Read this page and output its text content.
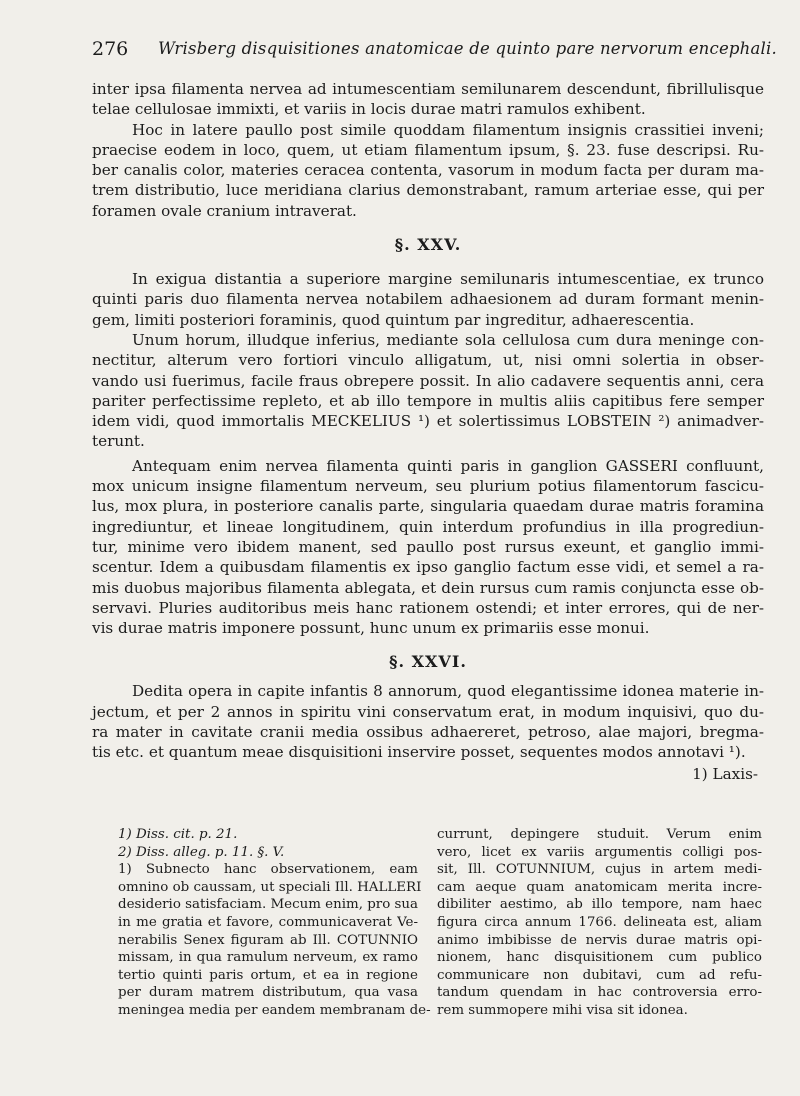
276 Wrisberg disquisitiones anatomicae de quinto pare nervorum encephali.
inter ipsa filamenta nervea ad intumescentiam semilunarem descendunt, fibrillulisque
telae cellulosae immixti, et variis in locis durae matri ramulos exhibent.
Hoc in latere paullo post simile quoddam filamentum insignis crassitiei inveni;
praecise eodem in loco, quem, ut etiam filamentum ipsum, §. 23. fuse descripsi. Ru-
ber canalis color, materies ceracea contenta, vasorum in modum facta per duram ma-
trem distributio, luce meridiana clarius demonstrabant, ramum arteriae esse, qui per
foramen ovale cranium intraverat.
§. XXV.
In exigua distantia a superiore margine semilunaris intumescentiae, ex trunco
quinti paris duo filamenta nervea notabilem adhaesionem ad duram formant menin-
gem, limiti posteriori foraminis, quod quintum par ingreditur, adhaerescentia.
Unum horum, illudque inferius, mediante sola cellulosa cum dura meninge con-
nectitur, alterum vero fortiori vinculo alligatum, ut, nisi omni solertia in obser-
vando usi fuerimus, facile fraus obrepere possit. In alio cadavere sequentis anni, cera
pariter perfectissime repleto, et ab illo tempore in multis aliis capitibus fere semper
idem vidi, quod immortalis MECKELIUS ¹) et solertissimus LOBSTEIN ²) animadver-
terunt.
Antequam enim nervea filamenta quinti paris in ganglion GASSERI confluunt,
mox unicum insigne filamentum nerveum, seu plurium potius filamentorum fascicu-
lus, mox plura, in posteriore canalis parte, singularia quaedam durae matris foramina
ingrediuntur, et lineae longitudinem, quin interdum profundius in illa progrediun-
tur, minime vero ibidem manent, sed paullo post rursus exeunt, et ganglio immi-
scentur. Idem a quibusdam filamentis ex ipso ganglio factum esse vidi, et semel a ra-
mis duobus majoribus filamenta ablegata, et dein rursus cum ramis conjuncta esse ob-
servavi. Pluries auditoribus meis hanc rationem ostendi; et inter errores, qui de ner-
vis durae matris imponere possunt, hunc unum ex primariis esse monui.
§. XXVI.
Dedita opera in capite infantis 8 annorum, quod elegantissime idonea materie in-
jectum, et per 2 annos in spiritu vini conservatum erat, in modum inquisivi, quo du-
ra mater in cavitate cranii media ossibus adhaereret, petroso, alae majori, bregma-
tis etc. et quantum meae disquisitioni inservire posset, sequentes modos annotavi ¹).
1) Laxis-
1) Diss. cit. p. 21.
2) Diss. alleg. p. 11. §. V.
1) Subnecto hanc observationem, eam
omnino ob caussam, ut speciali Ill. HALLERI
desiderio satisfaciam. Mecum enim, pro sua
in me gratia et favore, communicaverat Ve-
nerabilis Senex figuram ab Ill. COTUNNIO
missam, in qua ramulum nerveum, ex ramo
tertio quinti paris ortum, et ea in regione
per duram matrem distributum, qua vasa
meningea media per eandem membranam de-
currunt, depingere studuit. Verum enim
vero, licet ex variis argumentis colligi pos-
sit, Ill. COTUNNIUM, cujus in artem medi-
cam aeque quam anatomicam merita incre-
dibiliter aestimo, ab illo tempore, nam haec
figura circa annum 1766. delineata est, aliam
animo imbibisse de nervis durae matris opi-
nionem, hanc disquisitionem cum publico
communicare non dubitavi, cum ad refu-
tandum quendam in hac controversia erro-
rem summopere mihi visa sit idonea.
